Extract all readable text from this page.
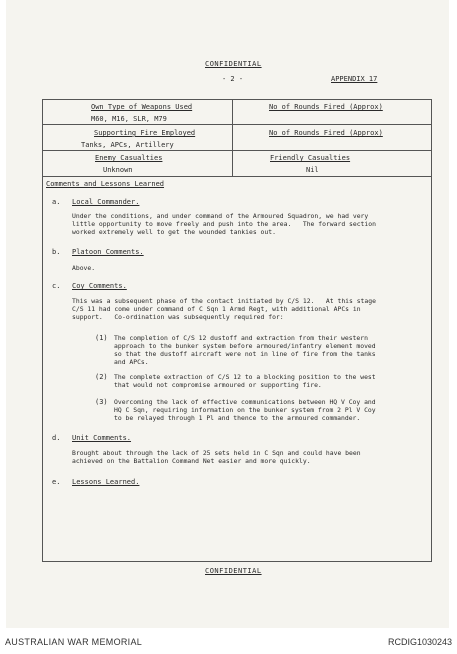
CONFIDENTIAL
- 2 -	APPENDIX 17
Own Type of Weapons Used
M60, M16, SLR, M79
No of Rounds Fired (Approx)
Supporting Fire Employed
Tanks, APCs, Artillery
No of Rounds Fired (Approx)
Enemy Casualties
Unknown
Friendly Casualties
Nil
Comments and Lessons Learned
a. Local Commander.
Under the conditions, and under command of the Armoured Squadron, we had very
little opportunity to move freely and push into the area.   The forward section
worked extremely well to get the wounded tankies out.
b. Platoon Comments.
Above.
c. Coy Comments.
This was a subsequent phase of the contact initiated by C/S 12.   At this stage
C/S 11 had come under command of C Sqn 1 Armd Regt, with additional APCs in
support.   Co-ordination was subsequently required for:
(1) The completion of C/S 12 dustoff and extraction from their western
approach to the bunker system before armoured/infantry element moved
so that the dustoff aircraft were not in line of fire from the tanks
and APCs.
(2) The complete extraction of C/S 12 to a blocking position to the west
that would not compromise armoured or supporting fire.
(3) Overcoming the lack of effective communications between HQ V Coy and
HQ C Sqn, requiring information on the bunker system from 2 Pl V Coy
to be relayed through 1 Pl and thence to the armoured commander.
d. Unit Comments.
Brought about through the lack of 25 sets held in C Sqn and could have been
achieved on the Battalion Command Net easier and more quickly.
e. Lessons Learned.
CONFIDENTIAL
AUSTRALIAN WAR MEMORIAL	RCDIG1030243
